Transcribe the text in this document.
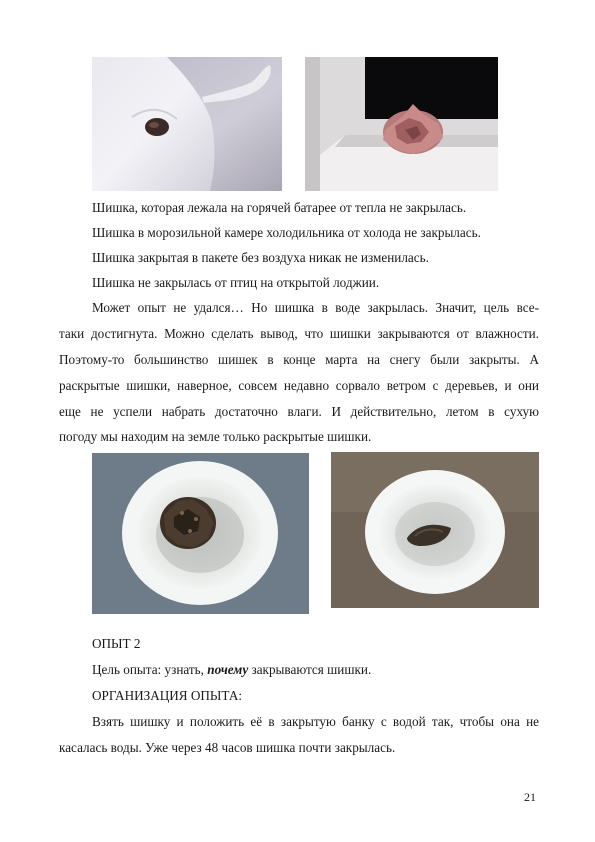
Шишка, которая лежала на горячей батарее от тепла не закрылась.
Шишка в морозильной камере холодильника от холода не закрылась.
Шишка закрытая в пакете без воздуха никак не изменилась.
Шишка не закрылась от птиц на открытой лоджии.
Может опыт не удался… Но шишка в воде закрылась. Значит, цель все-
таки достигнута. Можно сделать вывод, что шишки закрываются от влажности.
Поэтому-то большинство шишек в конце марта на снегу были закрыты. А
раскрытые шишки, наверное, совсем недавно сорвало ветром с деревьев, и они
еще не успели набрать достаточно влаги. И действительно, летом в сухую
погоду мы находим на земле только раскрытые шишки.
ОПЫТ 2
Цель опыта: узнать, почему закрываются шишки.
ОРГАНИЗАЦИЯ ОПЫТА:
Взять шишку и положить её в закрытую банку с водой так, чтобы она не
касалась воды. Уже через 48 часов шишка почти закрылась.
21
